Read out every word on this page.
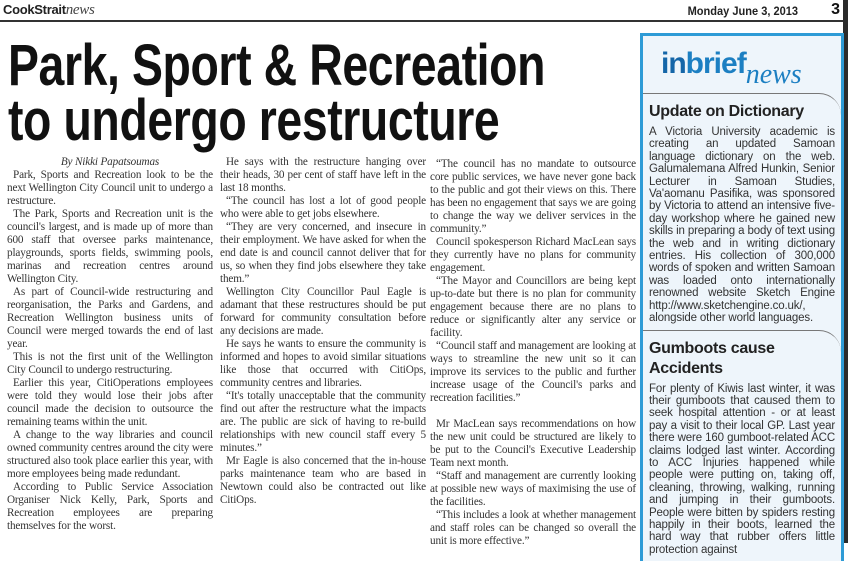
CookStraitnews	Monday June 3, 2013 3
Park, Sport & Recreation
to undergo restructure

By Nikki Papatsoumas

Park, Sports and Recreation look to be the next Wellington City Council unit to undergo a restructure.

The Park, Sports and Recreation unit is the council's largest, and is made up of more than 600 staff that oversee parks maintenance, playgrounds, sports fields, swimming pools, marinas and recreation centres around Wellington City.

As part of Council-wide restructuring and reorganisation, the Parks and Gardens, and Recreation Wellington business units of Council were merged towards the end of last year.

This is not the first unit of the Wellington City Council to undergo restructuring.

Earlier this year, CitiOperations employees were told they would lose their jobs after council made the decision to outsource the remaining teams within the unit.

A change to the way libraries and council owned community centres around the city were structured also took place earlier this year, with more employees being made redundant.

According to Public Service Association Organiser Nick Kelly, Park, Sports and Recreation employees are preparing themselves for the worst.

He says with the restructure hanging over their heads, 30 per cent of staff have left in the last 18 months.

“The council has lost a lot of good people who were able to get jobs elsewhere.

“They are very concerned, and insecure in their employment. We have asked for when the end date is and council cannot deliver that for us, so when they find jobs elsewhere they take them.”

Wellington City Councillor Paul Eagle is adamant that these restructures should be put forward for community consultation before any decisions are made.

He says he wants to ensure the community is informed and hopes to avoid similar situations like those that occurred with CitiOps, community centres and libraries.

“It's totally unacceptable that the community find out after the restructure what the impacts are. The public are sick of having to re-build relationships with new council staff every 5 minutes.”

Mr Eagle is also concerned that the in-house parks maintenance team who are based in Newtown could also be contracted out like CitiOps.

“The council has no mandate to outsource core public services, we have never gone back to the public and got their views on this. There has been no engagement that says we are going to change the way we deliver services in the community.”

Council spokesperson Richard MacLean says they currently have no plans for community engagement.

“The Mayor and Councillors are being kept up-to-date but there is no plan for community engagement because there are no plans to reduce or significantly alter any service or facility.

“Council staff and management are looking at ways to streamline the new unit so it can improve its services to the public and further increase usage of the Council's parks and recreation facilities.”

Mr MacLean says recommendations on how the new unit could be structured are likely to be put to the Council's Executive Leadership Team next month.

“Staff and management are currently looking at possible new ways of maximising the use of the facilities.

“This includes a look at whether management and staff roles can be changed so overall the unit is more effective.”

inbrief$_{news}$
Update on Dictionary

A Victoria University academic is creating an updated Samoan language dictionary on the web. Galumalemana Alfred Hunkin, Senior Lecturer in Samoan Studies, Va'aomanu Pasifika, was sponsored by Victoria to attend an intensive five-day workshop where he gained new skills in preparing a body of text using the web and in writing dictionary entries. His collection of 300,000 words of spoken and written Samoan was loaded onto internationally renowned website Sketch Engine http://www.sketchengine.co.uk/, alongside other world languages.

Gumboots cause Accidents

For plenty of Kiwis last winter, it was their gumboots that caused them to seek hospital attention - or at least pay a visit to their local GP. Last year there were 160 gumboot-related ACC claims lodged last winter. According to ACC Injuries happened while people were putting on, taking off, cleaning, throwing, walking, running and jumping in their gumboots. People were bitten by spiders resting happily in their boots, learned the hard way that rubber offers little protection against
